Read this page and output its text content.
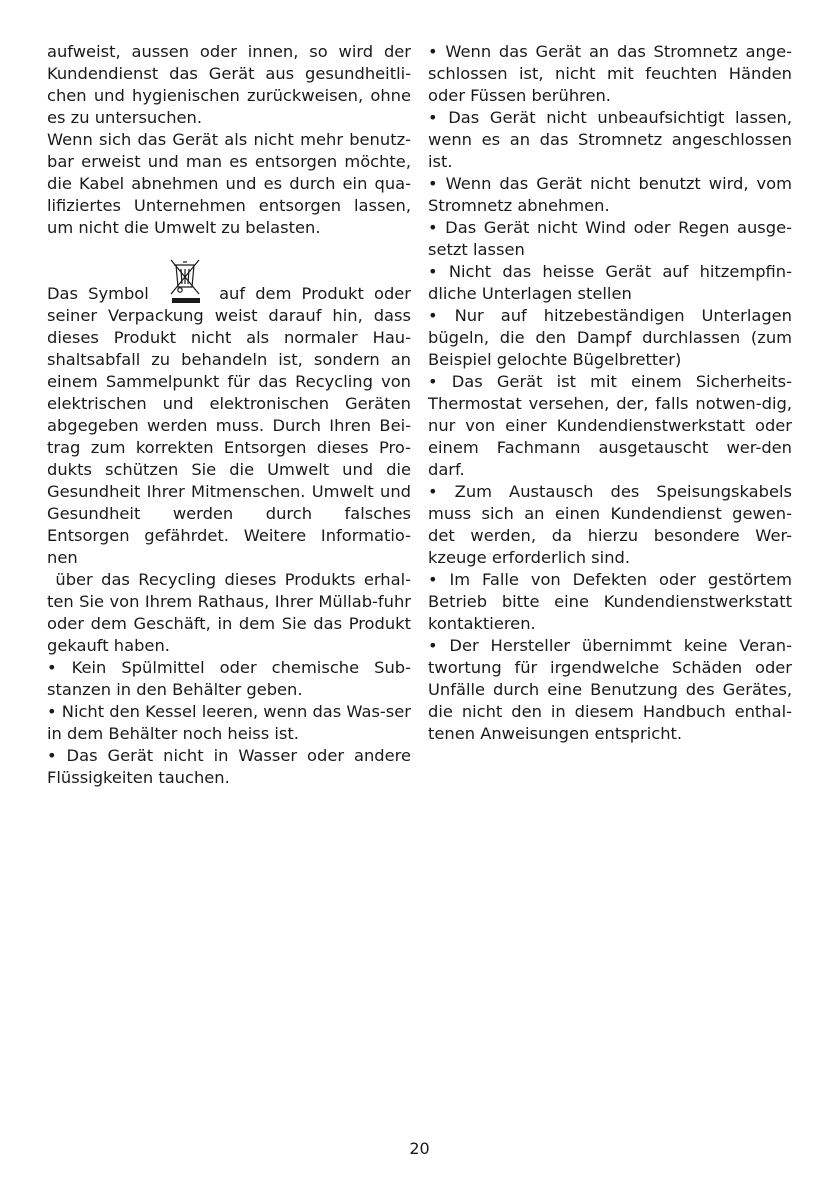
aufweist, aussen oder innen, so wird der Kundendienst das Gerät aus gesundheitli-chen und hygienischen zurückweisen, ohne es zu untersuchen.

Wenn sich das Gerät als nicht mehr benutz-bar erweist und man es entsorgen möchte, die Kabel abnehmen und es durch ein qua-lifiziertes Unternehmen entsorgen lassen, um nicht die Umwelt zu belasten.

Das Symbol	auf dem Produkt oder seiner Verpackung weist darauf hin, dass dieses Produkt nicht als normaler Hau-shaltsabfall zu behandeln ist, sondern an einem Sammelpunkt für das Recycling von elektrischen und elektronischen Geräten abgegeben werden muss. Durch Ihren Bei-trag zum korrekten Entsorgen dieses Pro-dukts schützen Sie die Umwelt und die Gesundheit Ihrer Mitmenschen. Umwelt und Gesundheit werden durch falsches Entsorgen gefährdet. Weitere Informatio-nen

über das Recycling dieses Produkts erhal-ten Sie von Ihrem Rathaus, Ihrer Müllab-fuhr oder dem Geschäft, in dem Sie das Produkt gekauft haben.

• Kein Spülmittel oder chemische Sub-stanzen in den Behälter geben.

• Nicht den Kessel leeren, wenn das Was-ser in dem Behälter noch heiss ist.

• Das Gerät nicht in Wasser oder andere Flüssigkeiten tauchen.

• Wenn das Gerät an das Stromnetz ange-schlossen ist, nicht mit feuchten Händen oder Füssen berühren.

• Das Gerät nicht unbeaufsichtigt lassen, wenn es an das Stromnetz angeschlossen ist.

• Wenn das Gerät nicht benutzt wird, vom Stromnetz abnehmen.

• Das Gerät nicht Wind oder Regen ausge-setzt lassen

• Nicht das heisse Gerät auf hitzempfin-dliche Unterlagen stellen

• Nur auf hitzebeständigen Unterlagen bügeln, die den Dampf durchlassen (zum Beispiel gelochte Bügelbretter)

• Das Gerät ist mit einem Sicherheits-Thermostat versehen, der, falls notwen-dig, nur von einer Kundendienstwerkstatt oder einem Fachmann ausgetauscht wer-den darf.

• Zum Austausch des Speisungskabels muss sich an einen Kundendienst gewen-det werden, da hierzu besondere Wer-kzeuge erforderlich sind.

• Im Falle von Defekten oder gestörtem Betrieb bitte eine Kundendienstwerkstatt kontaktieren.

• Der Hersteller übernimmt keine Veran-twortung für irgendwelche Schäden oder Unfälle durch eine Benutzung des Gerätes, die nicht den in diesem Handbuch enthal-tenen Anweisungen entspricht.

20
